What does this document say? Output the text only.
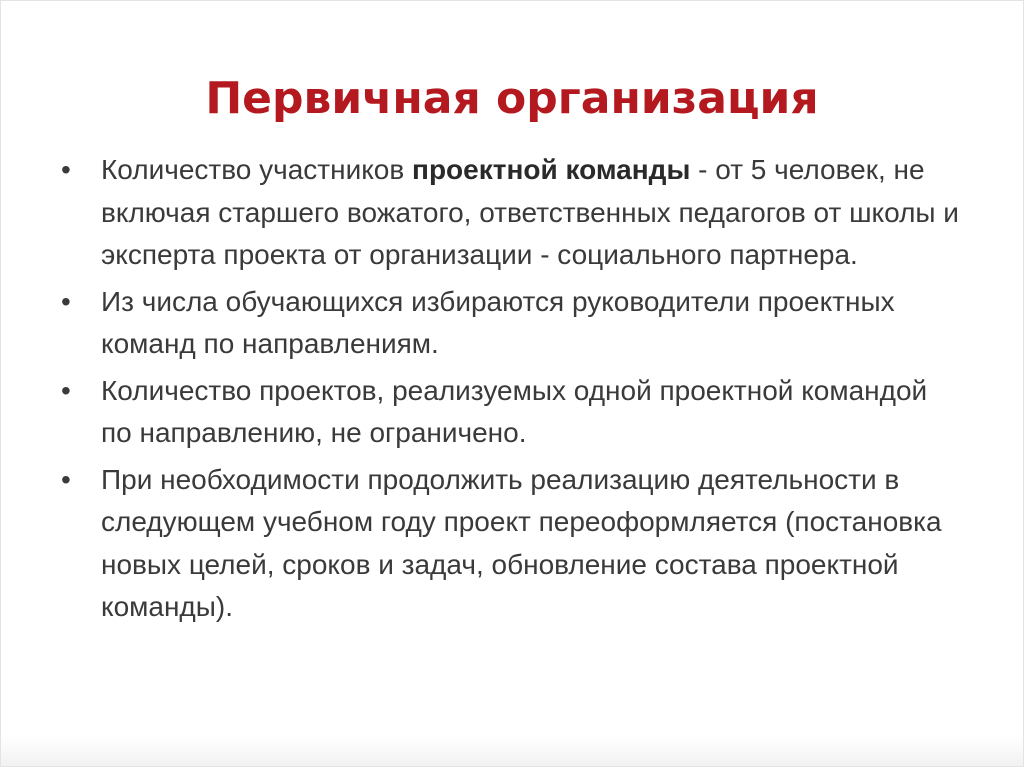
Первичная организация
•	Количество участников проектной команды - от 5 человек, не включая старшего вожатого, ответственных педагогов от школы и эксперта проекта от организации - социального партнера.
•	Из числа обучающихся избираются руководители проектных команд по направлениям.
•	Количество проектов, реализуемых одной проектной командой по направлению, не ограничено.
•	При необходимости продолжить реализацию деятельности в следующем учебном году проект переоформляется (постановка новых целей, сроков и задач, обновление состава проектной команды).
